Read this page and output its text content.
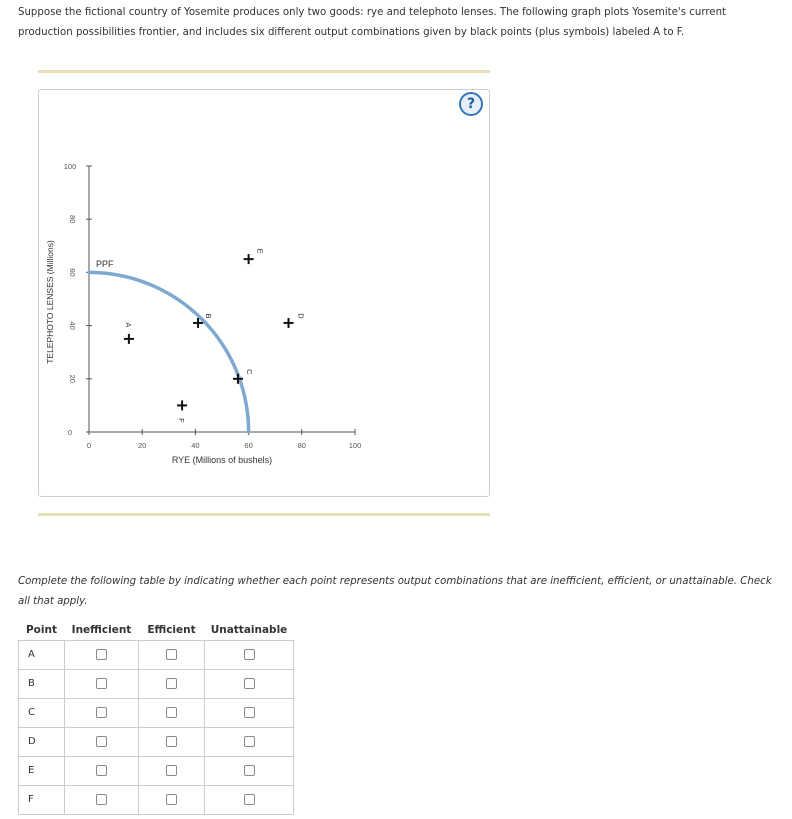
Suppose the fictional country of Yosemite produces only two goods: rye and telephoto lenses. The following graph plots Yosemite's current production possibilities frontier, and includes six different output combinations given by black points (plus symbols) labeled A to F.

?
0
20
40
60
80
100
0	20	40	60	80	100
A
B
C
D
E
F
RYE (Millions of bushels)
TELEPHOTO LENSES (Millions)	PPF

Complete the following table by indicating whether each point represents output combinations that are inefficient, efficient, or unattainable. Check all that apply.

Point	Inefficient	Efficient	Unattainable
A			
B			
C			
D			
E			
F			
